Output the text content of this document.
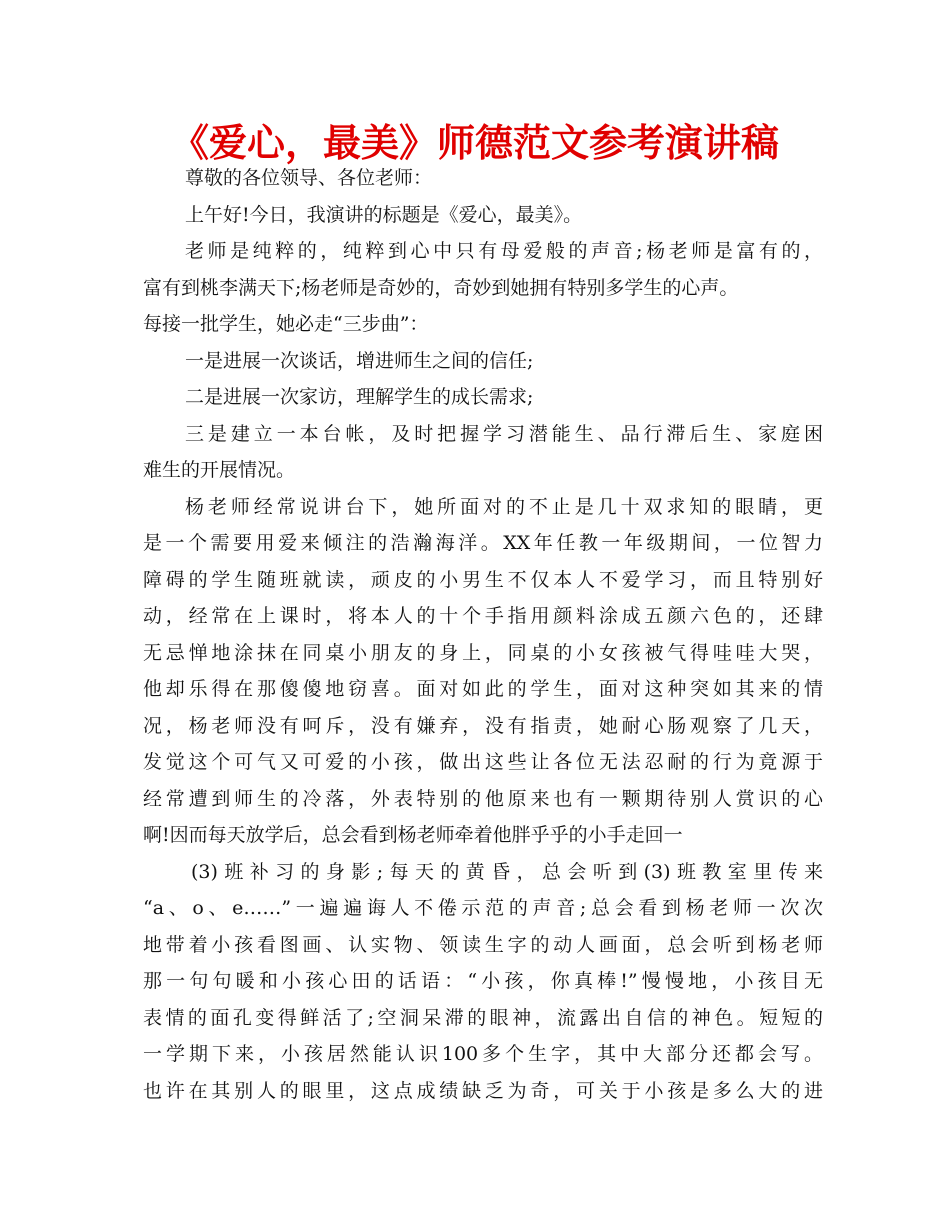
《爱心，最美》师德范文参考演讲稿
尊敬的各位领导、各位老师：
上午好!今日，我演讲的标题是《爱心，最美》。
老师是纯粹的，纯粹到心中只有母爱般的声音;杨老师是富有的，
富有到桃李满天下;杨老师是奇妙的，奇妙到她拥有特别多学生的心声。
每接一批学生，她必走“三步曲”：
一是进展一次谈话，增进师生之间的信任;
二是进展一次家访，理解学生的成长需求;
三是建立一本台帐，及时把握学习潜能生、品行滞后生、家庭困
难生的开展情况。
杨老师经常说讲台下，她所面对的不止是几十双求知的眼睛，更
是一个需要用爱来倾注的浩瀚海洋。XX年任教一年级期间，一位智力
障碍的学生随班就读，顽皮的小男生不仅本人不爱学习，而且特别好
动，经常在上课时，将本人的十个手指用颜料涂成五颜六色的，还肆
无忌惮地涂抹在同桌小朋友的身上，同桌的小女孩被气得哇哇大哭，
他却乐得在那傻傻地窃喜。面对如此的学生，面对这种突如其来的情
况，杨老师没有呵斥，没有嫌弃，没有指责，她耐心肠观察了几天，
发觉这个可气又可爱的小孩，做出这些让各位无法忍耐的行为竟源于
经常遭到师生的冷落，外表特别的他原来也有一颗期待别人赏识的心
啊!因而每天放学后，总会看到杨老师牵着他胖乎乎的小手走回一
(3)班补习的身影;每天的黄昏，总会听到(3)班教室里传来
“a、o、e……”一遍遍诲人不倦示范的声音;总会看到杨老师一次次
地带着小孩看图画、认实物、领读生字的动人画面，总会听到杨老师
那一句句暖和小孩心田的话语：“小孩，你真棒!”慢慢地，小孩目无
表情的面孔变得鲜活了;空洞呆滞的眼神，流露出自信的神色。短短的
一学期下来，小孩居然能认识100多个生字，其中大部分还都会写。
也许在其别人的眼里，这点成绩缺乏为奇，可关于小孩是多么大的进
